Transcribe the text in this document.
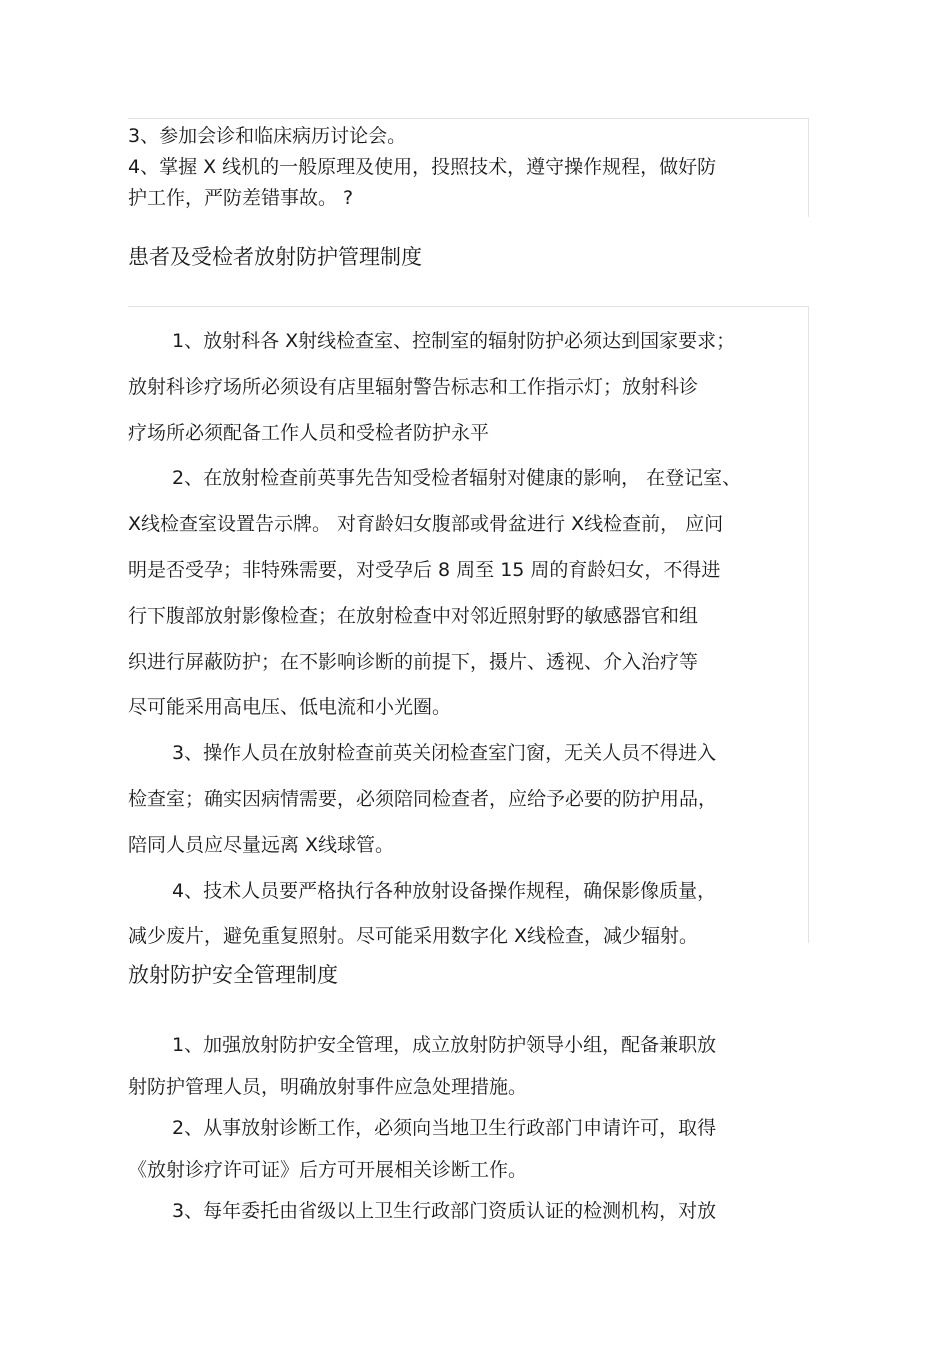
3、参加会诊和临床病历讨论会。
4、掌握 X 线机的一般原理及使用，投照技术，遵守操作规程，做好防
护工作，严防差错事故。 ?
患者及受检者放射防护管理制度
1、放射科各 X射线检查室、控制室的辐射防护必须达到国家要求；
放射科诊疗场所必须设有店里辐射警告标志和工作指示灯；放射科诊
疗场所必须配备工作人员和受检者防护永平
2、在放射检查前英事先告知受检者辐射对健康的影响， 在登记室、
X线检查室设置告示牌。 对育龄妇女腹部或骨盆进行 X线检查前， 应问
明是否受孕；非特殊需要，对受孕后 8 周至 15 周的育龄妇女，不得进
行下腹部放射影像检查；在放射检查中对邻近照射野的敏感器官和组
织进行屏蔽防护；在不影响诊断的前提下，摄片、透视、介入治疗等
尽可能采用高电压、低电流和小光圈。
3、操作人员在放射检查前英关闭检查室门窗，无关人员不得进入
检查室；确实因病情需要，必须陪同检查者，应给予必要的防护用品，
陪同人员应尽量远离 X线球管。
4、技术人员要严格执行各种放射设备操作规程，确保影像质量，
减少废片，避免重复照射。尽可能采用数字化 X线检查，减少辐射。
放射防护安全管理制度
1、加强放射防护安全管理，成立放射防护领导小组，配备兼职放
射防护管理人员，明确放射事件应急处理措施。
2、从事放射诊断工作，必须向当地卫生行政部门申请许可，取得
《放射诊疗许可证》后方可开展相关诊断工作。
3、每年委托由省级以上卫生行政部门资质认证的检测机构，对放
